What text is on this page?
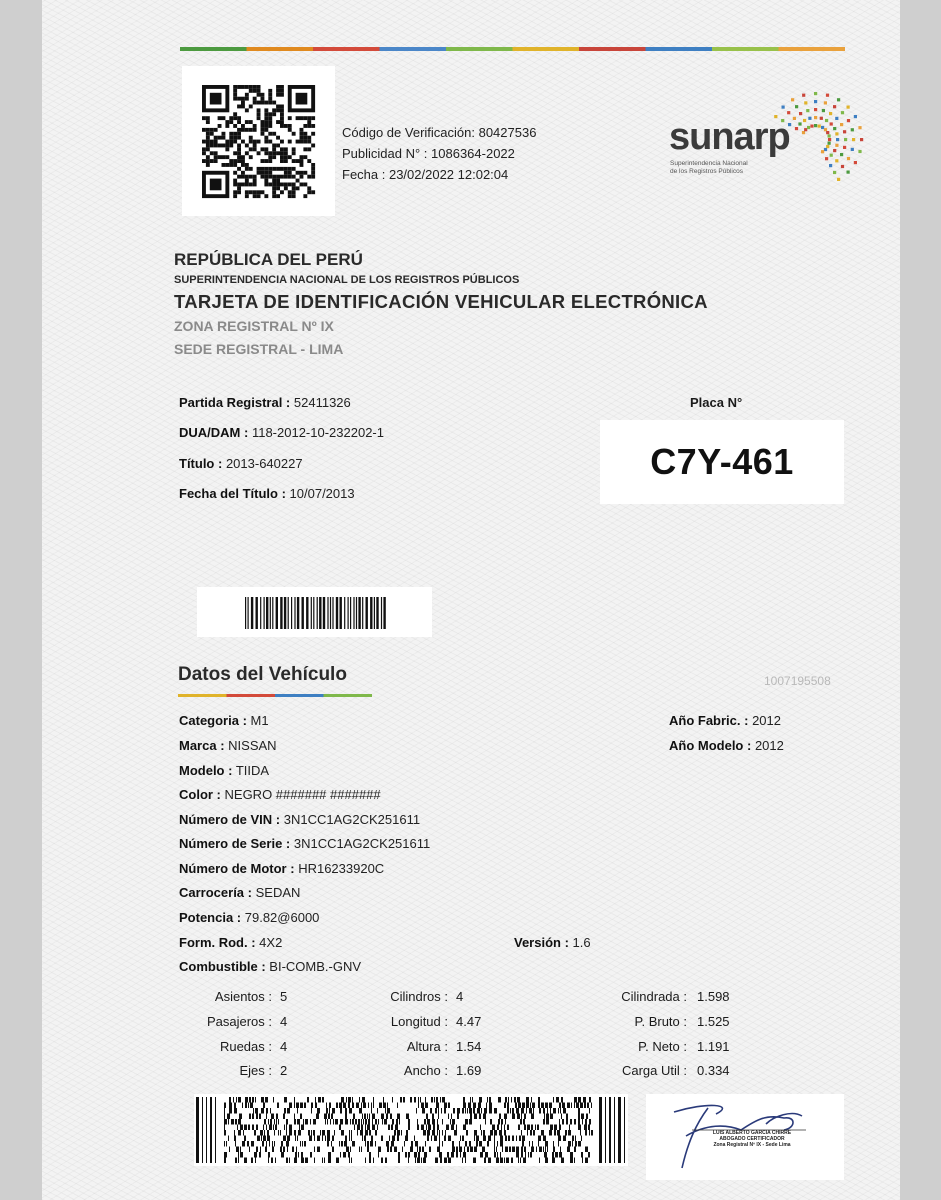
Código de Verificación: 80427536
Publicidad N° : 1086364-2022
Fecha : 23/02/2022 12:02:04
sunarp
Superintendencia Nacional
de los Registros Públicos
REPÚBLICA DEL PERÚ
SUPERINTENDENCIA NACIONAL DE LOS REGISTROS PÚBLICOS
TARJETA DE IDENTIFICACIÓN VEHICULAR ELECTRÓNICA
ZONA REGISTRAL Nº IX
SEDE REGISTRAL - LIMA
Partida Registral : 52411326
DUA/DAM : 118-2012-10-232202-1
Título : 2013-640227
Fecha del Título : 10/07/2013
Placa N°
C7Y-461
Datos del Vehículo	1007195508
Categoria : M1
Marca : NISSAN
Modelo : TIIDA
Color : NEGRO ####### #######
Número de VIN : 3N1CC1AG2CK251611
Número de Serie : 3N1CC1AG2CK251611
Número de Motor : HR16233920C
Carrocería : SEDAN
Potencia : 79.82@6000
Form. Rod. : 4X2	Versión : 1.6
Combustible : BI-COMB.-GNV
Año Fabric. : 2012
Año Modelo : 2012
Asientos : 5
Pasajeros : 4
Ruedas : 4
Ejes : 2
Cilindros : 4
Longitud : 4.47
Altura : 1.54
Ancho : 1.69
Cilindrada : 1.598
P. Bruto : 1.525
P. Neto : 1.191
Carga Util : 0.334
LUIS ALBERTO GARCIA CHIRRE
ABOGADO CERTIFICADOR
Zona Registral Nº IX - Sede Lima
